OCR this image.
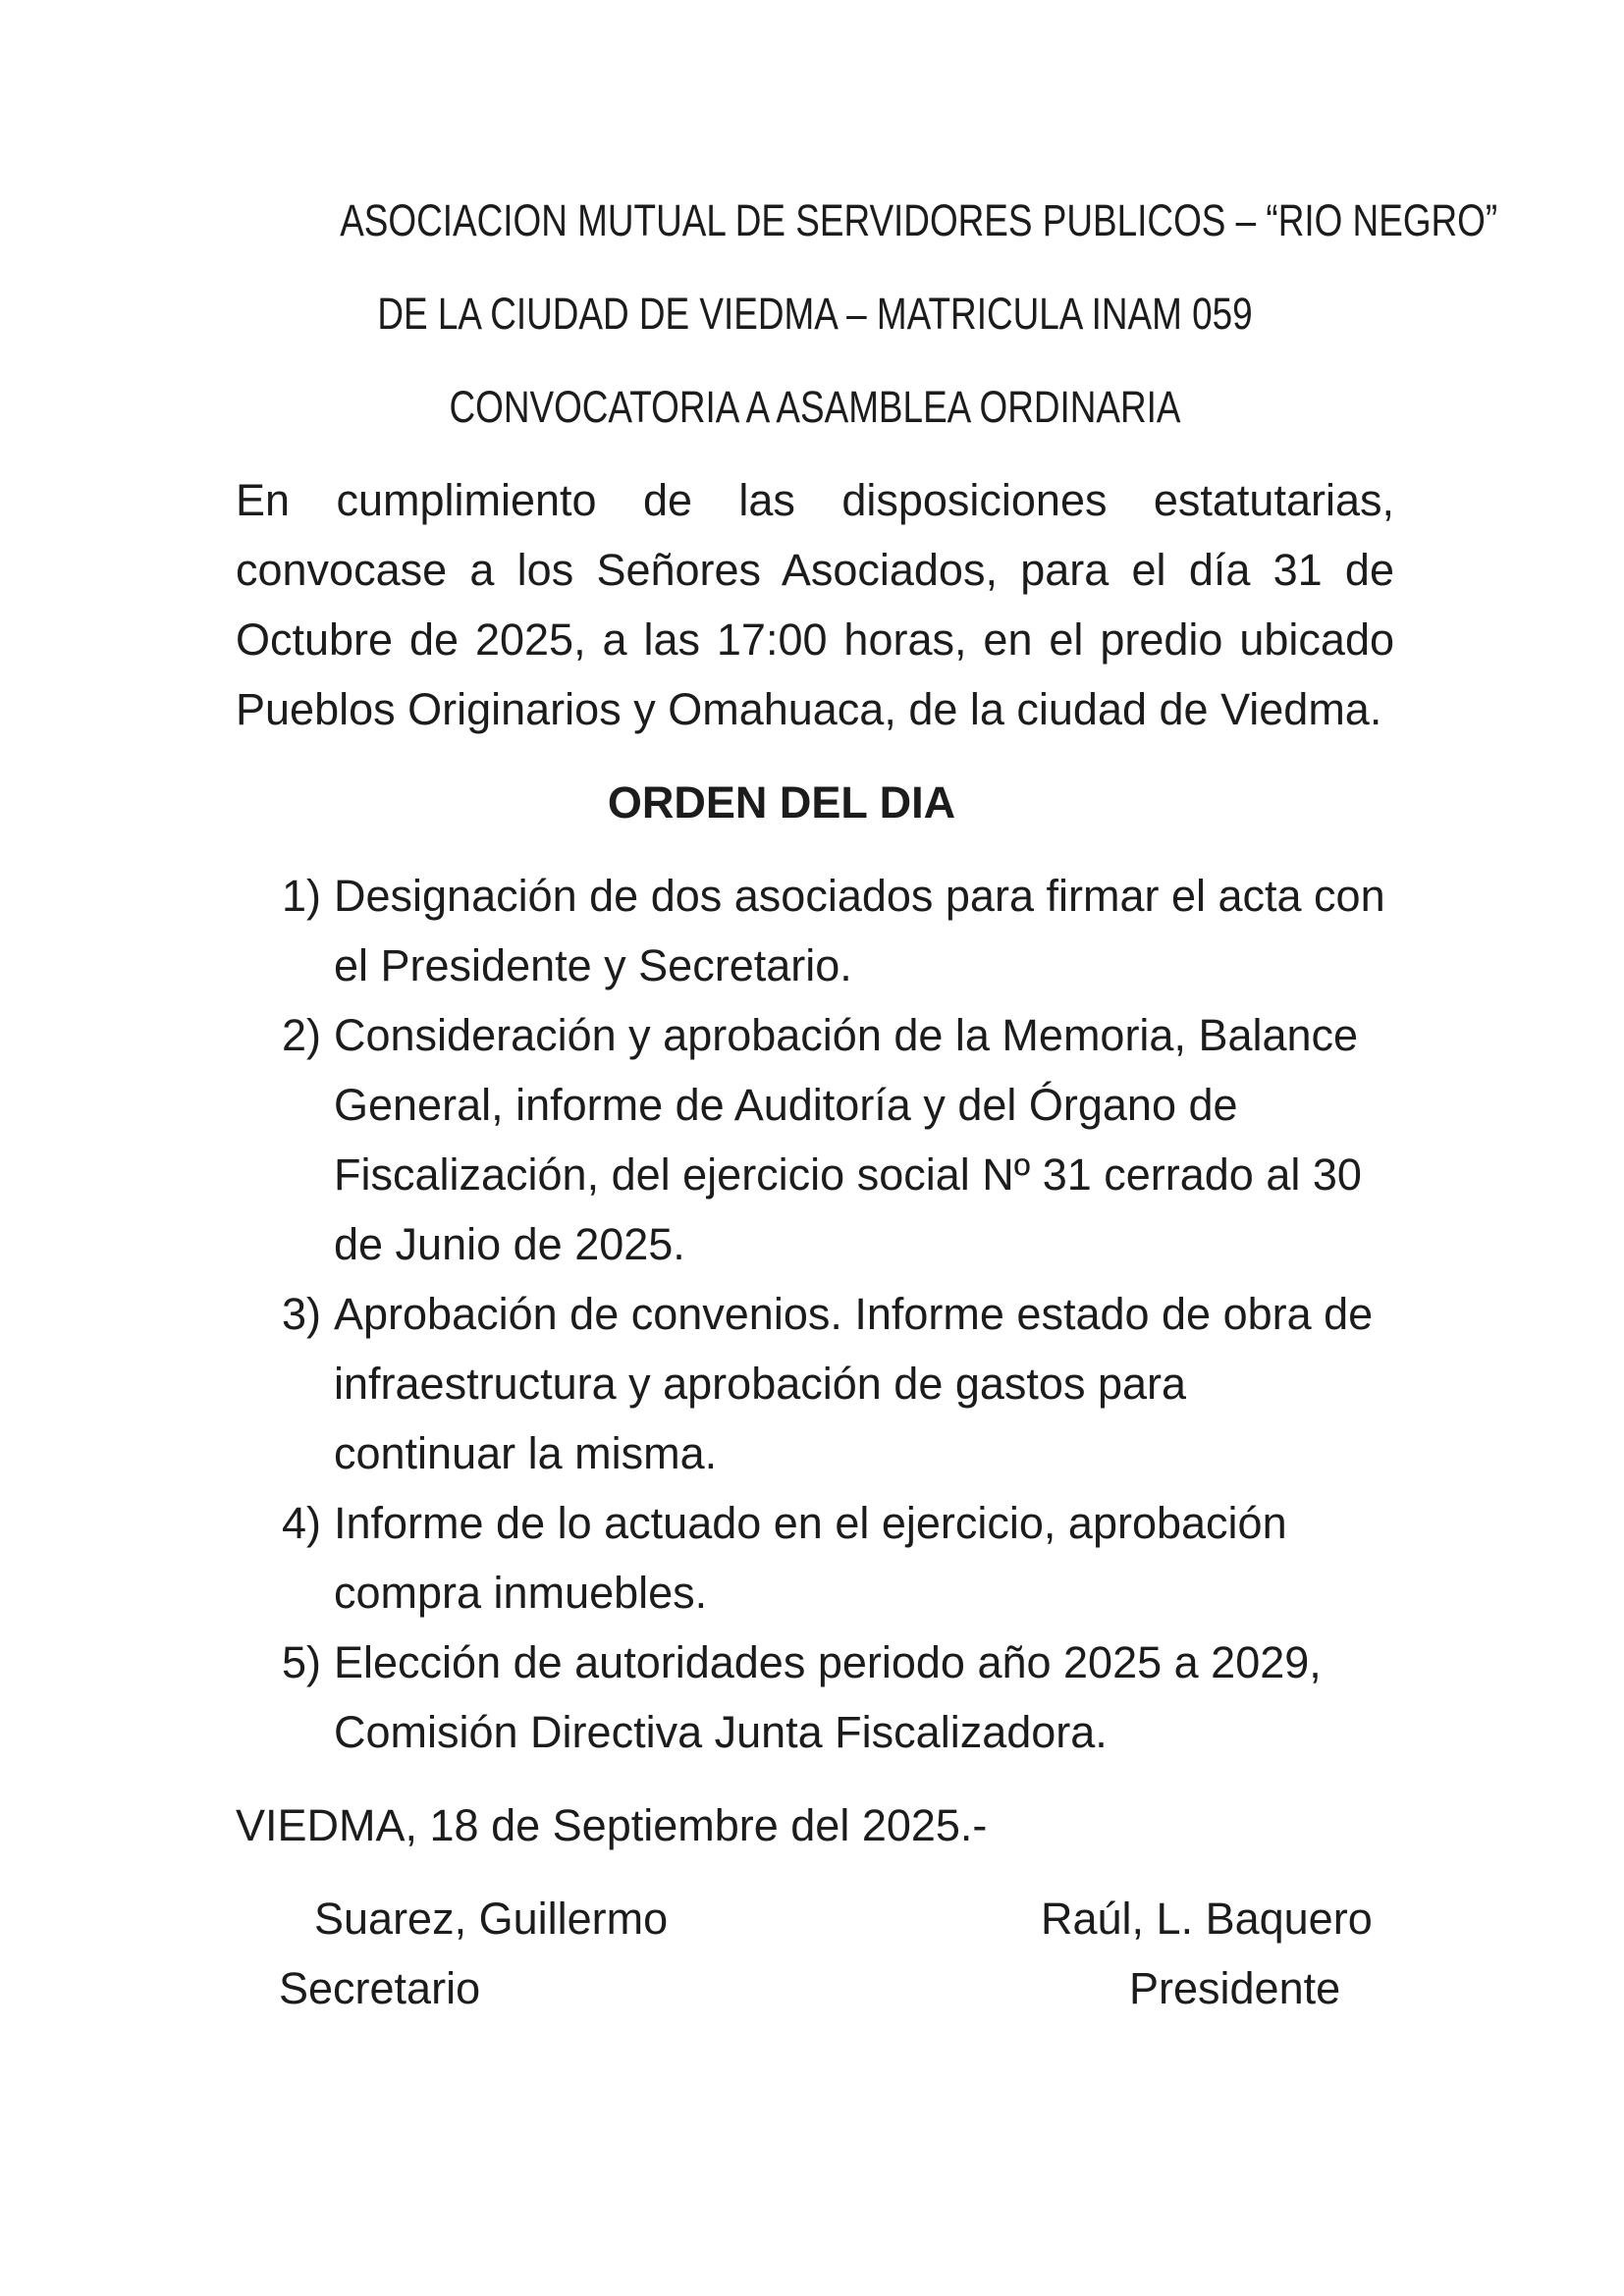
ASOCIACION MUTUAL DE SERVIDORES PUBLICOS – “RIO NEGRO”

DE LA CIUDAD DE VIEDMA – MATRICULA INAM 059

CONVOCATORIA A ASAMBLEA ORDINARIA

En cumplimiento de las disposiciones estatutarias,
convocase a los Señores Asociados, para el día 31 de
Octubre de 2025, a las 17:00 horas, en el predio ubicado
Pueblos Originarios y Omahuaca, de la ciudad de Viedma.

ORDEN DEL DIA

1) Designación de dos asociados para firmar el acta con
el Presidente y Secretario.
2) Consideración y aprobación de la Memoria, Balance
General, informe de Auditoría y del Órgano de
Fiscalización, del ejercicio social Nº 31 cerrado al 30
de Junio de 2025.
3) Aprobación de convenios. Informe estado de obra de
infraestructura y aprobación de gastos para
continuar la misma.
4) Informe de lo actuado en el ejercicio, aprobación
compra inmuebles.
5) Elección de autoridades periodo año 2025 a 2029,
Comisión Directiva Junta Fiscalizadora.

VIEDMA, 18 de Septiembre del 2025.-

Suarez, Guillermo	Raúl, L. Baquero
Secretario	Presidente
